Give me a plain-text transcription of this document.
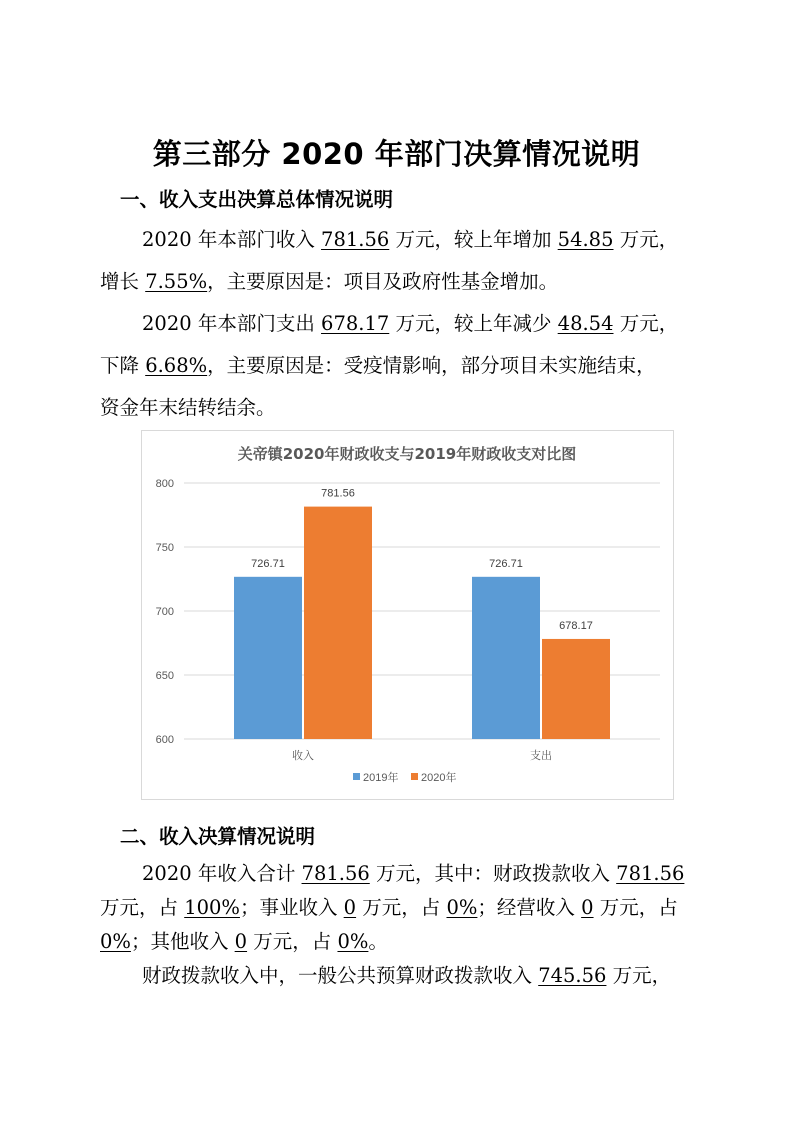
第三部分 2020 年部门决算情况说明
一、收入支出决算总体情况说明
2020 年本部门收入 781.56 万元，较上年增加 54.85 万元，
增长 7.55%，主要原因是：项目及政府性基金增加。
2020 年本部门支出 678.17 万元，较上年减少 48.54 万元，
下降 6.68%，主要原因是：受疫情影响，部分项目未实施结束，
资金年末结转结余。
关帝镇2020年财政收支与2019年财政收支对比图
726.71
781.56
726.71
678.17
600
650
700
750
800
收入	支出
2019年 2020年
二、收入决算情况说明
2020 年收入合计 781.56 万元，其中：财政拨款收入 781.56
万元，占 100%；事业收入 0 万元，占 0%；经营收入 0 万元，占
0%；其他收入 0 万元，占 0%。
财政拨款收入中，一般公共预算财政拨款收入 745.56 万元，
